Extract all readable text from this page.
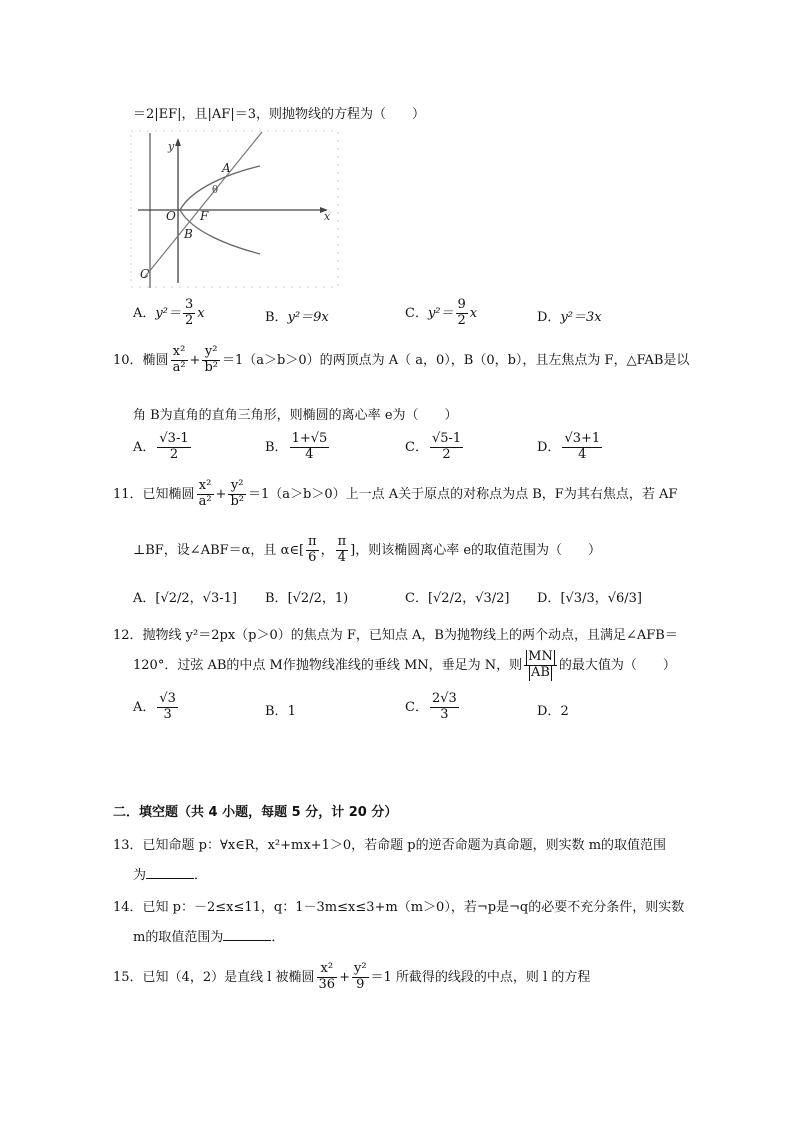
＝2|EF|，且|AF|＝3，则抛物线的方程为（　　）
y
x
O F
A
θ
B
C
A．$y^2= \frac{3}{2}$ x	B．y²＝9x	C．$y^2= \frac{9}{2}$ x	D．y²＝3x
10．椭圆 $\frac{\text{x²}}{\text{a²}} + \frac{\text{y²}}{\text{b²}} =1(a>b>0)$的两顶点为 A（ a，0），B（0，b），且左焦点为 F，△FAB是以
角 B为直角的直角三角形，则椭圆的离心率 e为（　　）
A． $\frac{√3-1}{2}$	B． $\frac{1+√5}{4}$	C． $\frac{√5-1}{2}$	D． $\frac{√3+1}{4}$
11．已知椭圆 $\frac{\text{x²}}{\text{a²}} + \frac{\text{y²}}{\text{b²}} =1(a>b>0)$上一点 A关于原点的对称点为点 B，F为其右焦点，若 AF
⊥BF，设∠ABF＝α，且 α∈[ $\frac{\pi}{6}$ ， $\frac{\pi}{4}$ ]，则该椭圆离心率 e的取值范围为（　　）
A．[√2/2，√3-1] B．[√2/2，1)	C．[√2/2，√3/2] D．[√3/3，√6/3]
12．抛物线 y²＝2px（p＞0）的焦点为 F，已知点 A，B为抛物线上的两个动点，且满足∠AFB＝
120°．过弦 AB的中点 M作抛物线准线的垂线 MN，垂足为 N，则 $\frac{MN}{AB}$ 的最大值为（　　）
A． $\frac{√3}{3}$	B．1	C． $\frac{2√3}{3}$	D．2
二．填空题（共 4 小题，每题 5 分，计 20 分）
13．已知命题 p：∀x∈R，x²+mx+1＞0，若命题 p的逆否命题为真命题，则实数 m的取值范围
为	．
14．已知 p：－2≤x≤11，q：1－3m≤x≤3+m（m＞0），若¬p是¬q的必要不充分条件，则实数
m的取值范围为	．
15．已知（4，2）是直线 l 被椭圆 $\frac{\text{x²}}{36} + \frac{\text{y²}}{9} =1$ 所截得的线段的中点，则 l 的方程
